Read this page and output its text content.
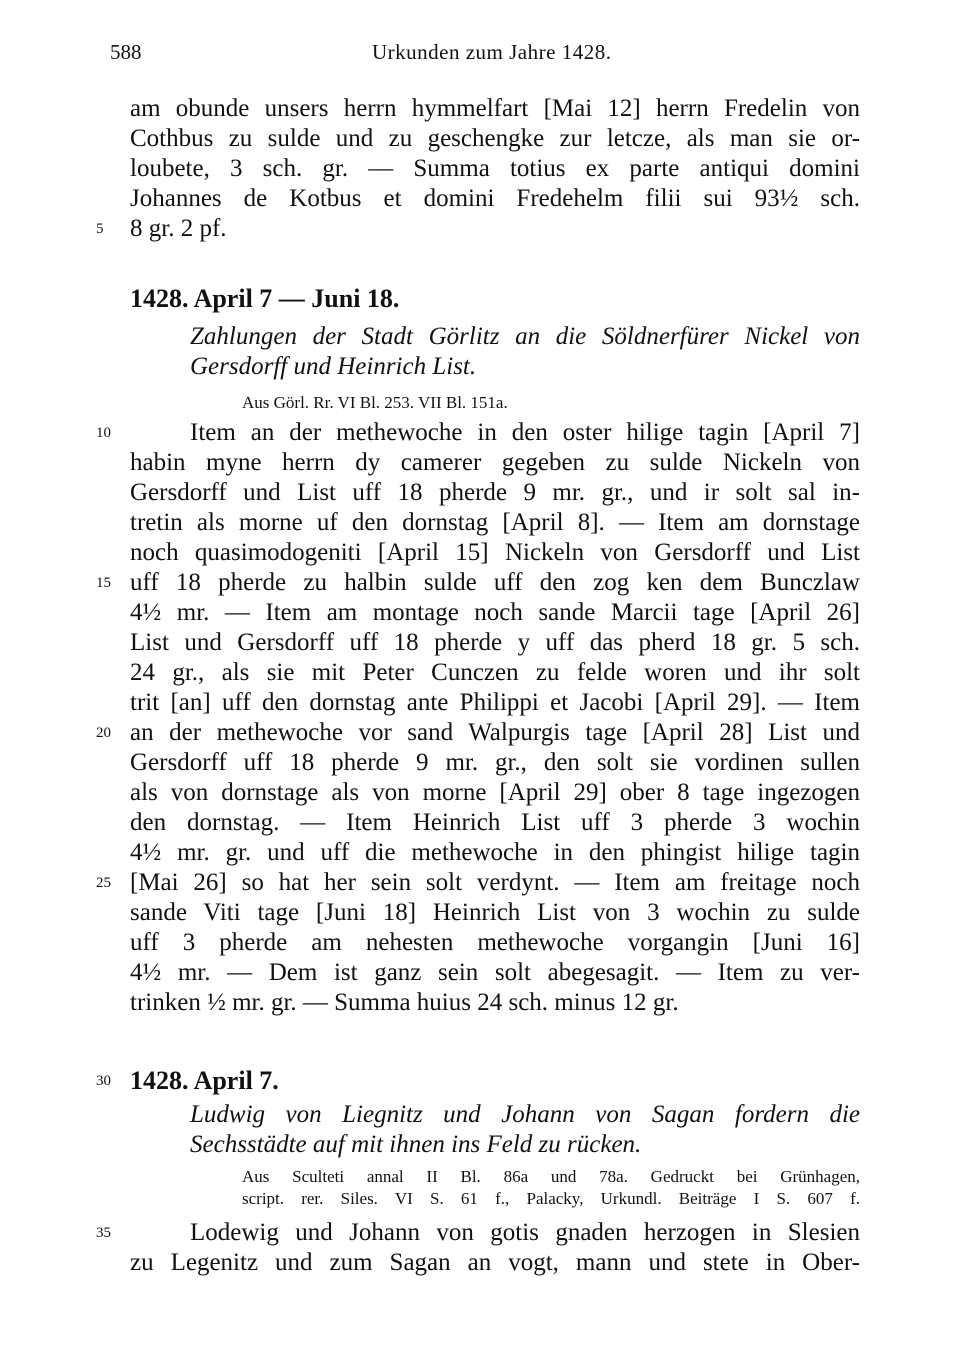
588	Urkunden zum Jahre 1428.
am obunde unsers herrn hymmelfart [Mai 12] herrn Fredelin von
Cothbus zu sulde und zu geschengke zur letcze, als man sie or-
loubete, 3 sch. gr. — Summa totius ex parte antiqui domini
Johannes de Kotbus et domini Fredehelm filii sui 93½ sch.
5	8 gr. 2 pf.
1428. April 7 — Juni 18.
Zahlungen der Stadt Görlitz an die Söldnerfürer Nickel von
Gersdorff und Heinrich List.
Aus Görl. Rr. VI Bl. 253. VII Bl. 151a.
10	Item an der methewoche in den oster hilige tagin [April 7]
habin myne herrn dy camerer gegeben zu sulde Nickeln von
Gersdorff und List uff 18 pherde 9 mr. gr., und ir solt sal in-
tretin als morne uf den dornstag [April 8]. — Item am dornstage
noch quasimodogeniti [April 15] Nickeln von Gersdorff und List
15 uff 18 pherde zu halbin sulde uff den zog ken dem Bunczlaw
4½ mr. — Item am montage noch sande Marcii tage [April 26]
List und Gersdorff uff 18 pherde y uff das pherd 18 gr. 5 sch.
24 gr., als sie mit Peter Cunczen zu felde woren und ihr solt
trit [an] uff den dornstag ante Philippi et Jacobi [April 29]. — Item
20 an der methewoche vor sand Walpurgis tage [April 28] List und
Gersdorff uff 18 pherde 9 mr. gr., den solt sie vordinen sullen
als von dornstage als von morne [April 29] ober 8 tage ingezogen
den dornstag. — Item Heinrich List uff 3 pherde 3 wochin
4½ mr. gr. und uff die methewoche in den phingist hilige tagin
25 [Mai 26] so hat her sein solt verdynt. — Item am freitage noch
sande Viti tage [Juni 18] Heinrich List von 3 wochin zu sulde
uff 3 pherde am nehesten methewoche vorgangin [Juni 16]
4½ mr. — Dem ist ganz sein solt abegesagit. — Item zu ver-
trinken ½ mr. gr. — Summa huius 24 sch. minus 12 gr.
30 1428. April 7.
Ludwig von Liegnitz und Johann von Sagan fordern die
Sechsstädte auf mit ihnen ins Feld zu rücken.
Aus Sculteti annal II Bl. 86a und 78a. Gedruckt bei Grünhagen,
script. rer. Siles. VI S. 61 f., Palacky, Urkundl. Beiträge I S. 607 f.
35	Lodewig und Johann von gotis gnaden herzogen in Slesien
zu Legenitz und zum Sagan an vogt, mann und stete in Ober-
